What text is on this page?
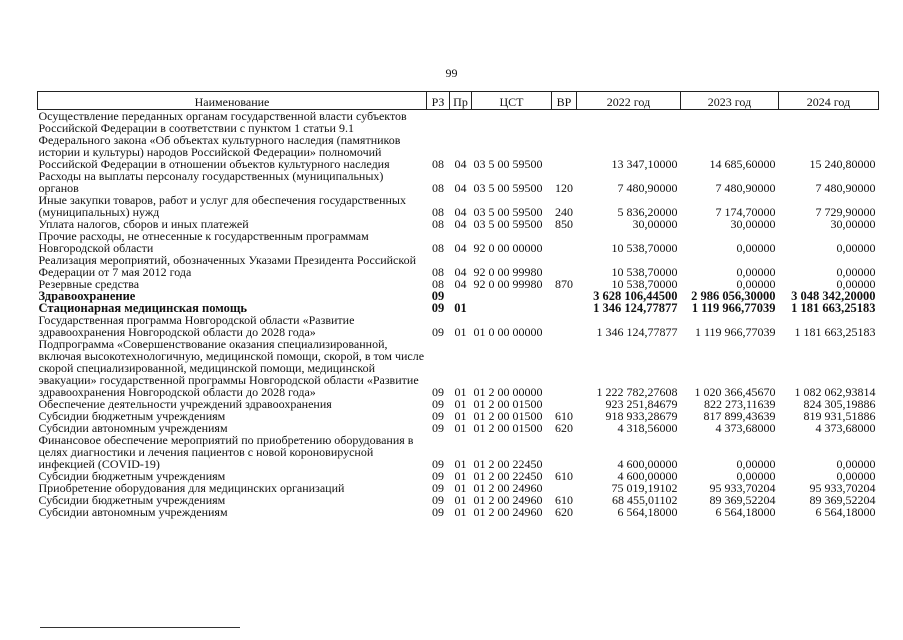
99
Наименование	РЗ	Пр	ЦСТ	ВР	2022 год	2023 год	2024 год
Осуществление переданных органам государственной власти субъектов Российской Федерации в соответствии с пунктом 1 статьи 9.1 Федерального закона «Об объектах культурного наследия (памятников истории и культуры) народов Российской Федерации» полномочий Российской Федерации в отношении объектов культурного наследия	08	04	03 5 00 59500		13 347,10000	14 685,60000	15 240,80000
Расходы на выплаты персоналу государственных (муниципальных) органов	08	04	03 5 00 59500	120	7 480,90000	7 480,90000	7 480,90000
Иные закупки товаров, работ и услуг для обеспечения государственных (муниципальных) нужд	08	04	03 5 00 59500	240	5 836,20000	7 174,70000	7 729,90000
Уплата налогов, сборов и иных платежей	08	04	03 5 00 59500	850	30,00000	30,00000	30,00000
Прочие расходы, не отнесенные к государственным программам Новгородской области	08	04	92 0 00 00000		10 538,70000	0,00000	0,00000
Реализация мероприятий, обозначенных Указами Президента Российской Федерации от 7 мая 2012 года	08	04	92 0 00 99980		10 538,70000	0,00000	0,00000
Резервные средства	08	04	92 0 00 99980	870	10 538,70000	0,00000	0,00000
Здравоохранение	09				3 628 106,44500	2 986 056,30000	3 048 342,20000
Стационарная медицинская помощь	09	01			1 346 124,77877	1 119 966,77039	1 181 663,25183
Государственная программа Новгородской области «Развитие здравоохранения Новгородской области до 2028 года»	09	01	01 0 00 00000		1 346 124,77877	1 119 966,77039	1 181 663,25183
Подпрограмма «Совершенствование оказания специализированной, включая высокотехнологичную, медицинской помощи, скорой, в том числе скорой специализированной, медицинской помощи, медицинской эвакуации» государственной программы Новгородской области «Развитие здравоохранения Новгородской области до 2028 года»	09	01	01 2 00 00000		1 222 782,27608	1 020 366,45670	1 082 062,93814
Обеспечение деятельности учреждений здравоохранения	09	01	01 2 00 01500		923 251,84679	822 273,11639	824 305,19886
Субсидии бюджетным учреждениям	09	01	01 2 00 01500	610	918 933,28679	817 899,43639	819 931,51886
Субсидии автономным учреждениям	09	01	01 2 00 01500	620	4 318,56000	4 373,68000	4 373,68000
Финансовое обеспечение мероприятий по приобретению оборудования в целях диагностики и лечения пациентов с новой короновирусной инфекцией (COVID-19)	09	01	01 2 00 22450		4 600,00000	0,00000	0,00000
Субсидии бюджетным учреждениям	09	01	01 2 00 22450	610	4 600,00000	0,00000	0,00000
Приобретение оборудования для медицинских организаций	09	01	01 2 00 24960		75 019,19102	95 933,70204	95 933,70204
Субсидии бюджетным учреждениям	09	01	01 2 00 24960	610	68 455,01102	89 369,52204	89 369,52204
Субсидии автономным учреждениям	09	01	01 2 00 24960	620	6 564,18000	6 564,18000	6 564,18000
